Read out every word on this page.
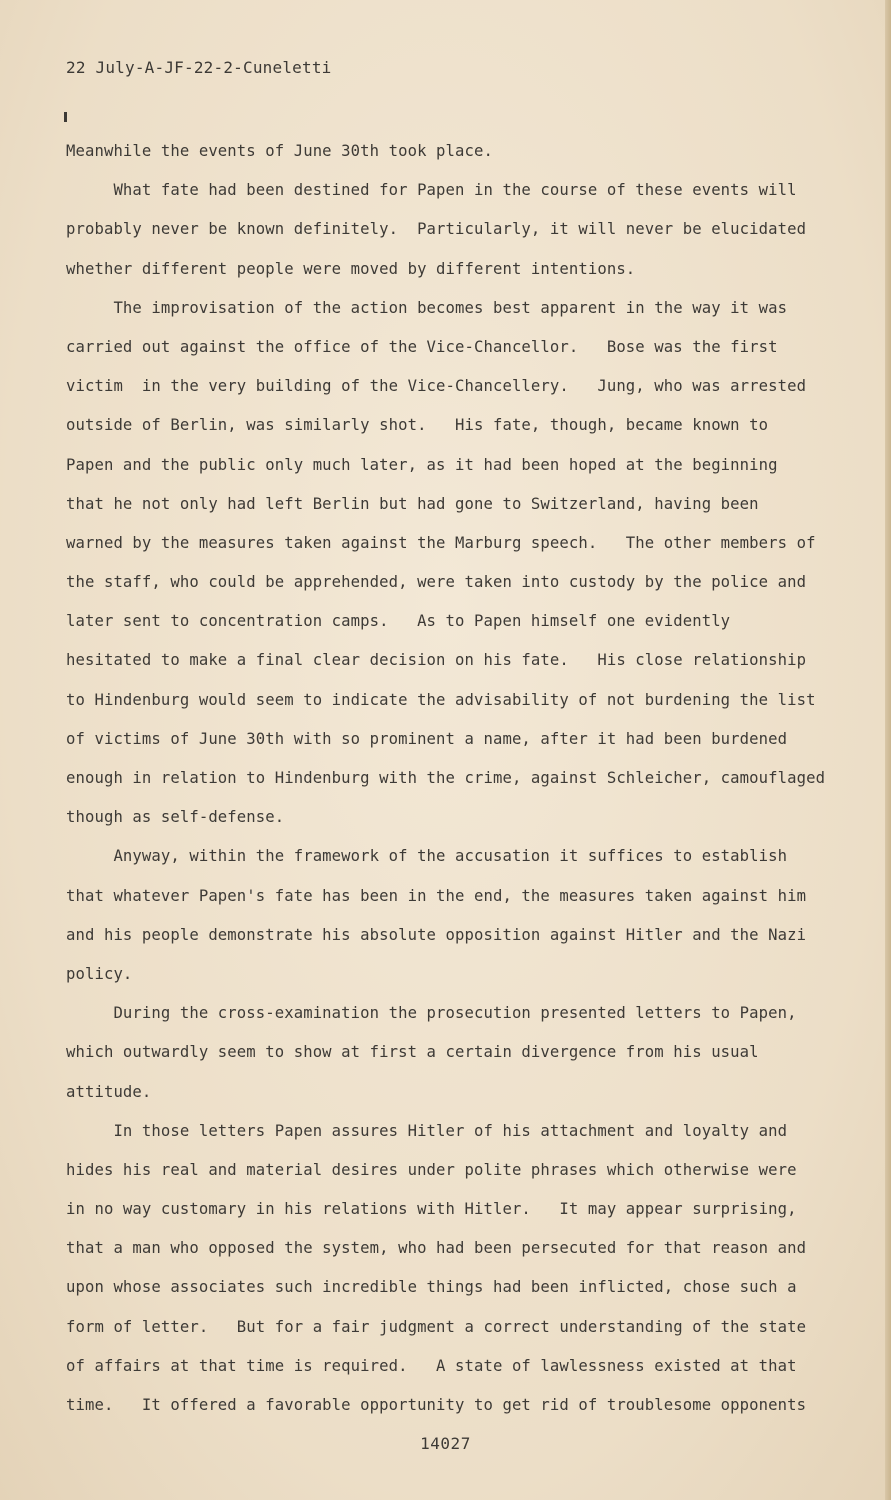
22 July-A-JF-22-2-Cuneletti
Meanwhile the events of June 30th took place.
What fate had been destined for Papen in the course of these events will
probably never be known definitely.  Particularly, it will never be elucidated
whether different people were moved by different intentions.
The improvisation of the action becomes best apparent in the way it was
carried out against the office of the Vice-Chancellor.   Bose was the first
victim  in the very building of the Vice-Chancellery.   Jung, who was arrested
outside of Berlin, was similarly shot.   His fate, though, became known to
Papen and the public only much later, as it had been hoped at the beginning
that he not only had left Berlin but had gone to Switzerland, having been
warned by the measures taken against the Marburg speech.   The other members of
the staff, who could be apprehended, were taken into custody by the police and
later sent to concentration camps.   As to Papen himself one evidently
hesitated to make a final clear decision on his fate.   His close relationship
to Hindenburg would seem to indicate the advisability of not burdening the list
of victims of June 30th with so prominent a name, after it had been burdened
enough in relation to Hindenburg with the crime, against Schleicher, camouflaged
though as self-defense.
Anyway, within the framework of the accusation it suffices to establish
that whatever Papen's fate has been in the end, the measures taken against him
and his people demonstrate his absolute opposition against Hitler and the Nazi
policy.
During the cross-examination the prosecution presented letters to Papen,
which outwardly seem to show at first a certain divergence from his usual
attitude.
In those letters Papen assures Hitler of his attachment and loyalty and
hides his real and material desires under polite phrases which otherwise were
in no way customary in his relations with Hitler.   It may appear surprising,
that a man who opposed the system, who had been persecuted for that reason and
upon whose associates such incredible things had been inflicted, chose such a
form of letter.   But for a fair judgment a correct understanding of the state
of affairs at that time is required.   A state of lawlessness existed at that
time.   It offered a favorable opportunity to get rid of troublesome opponents
14027
